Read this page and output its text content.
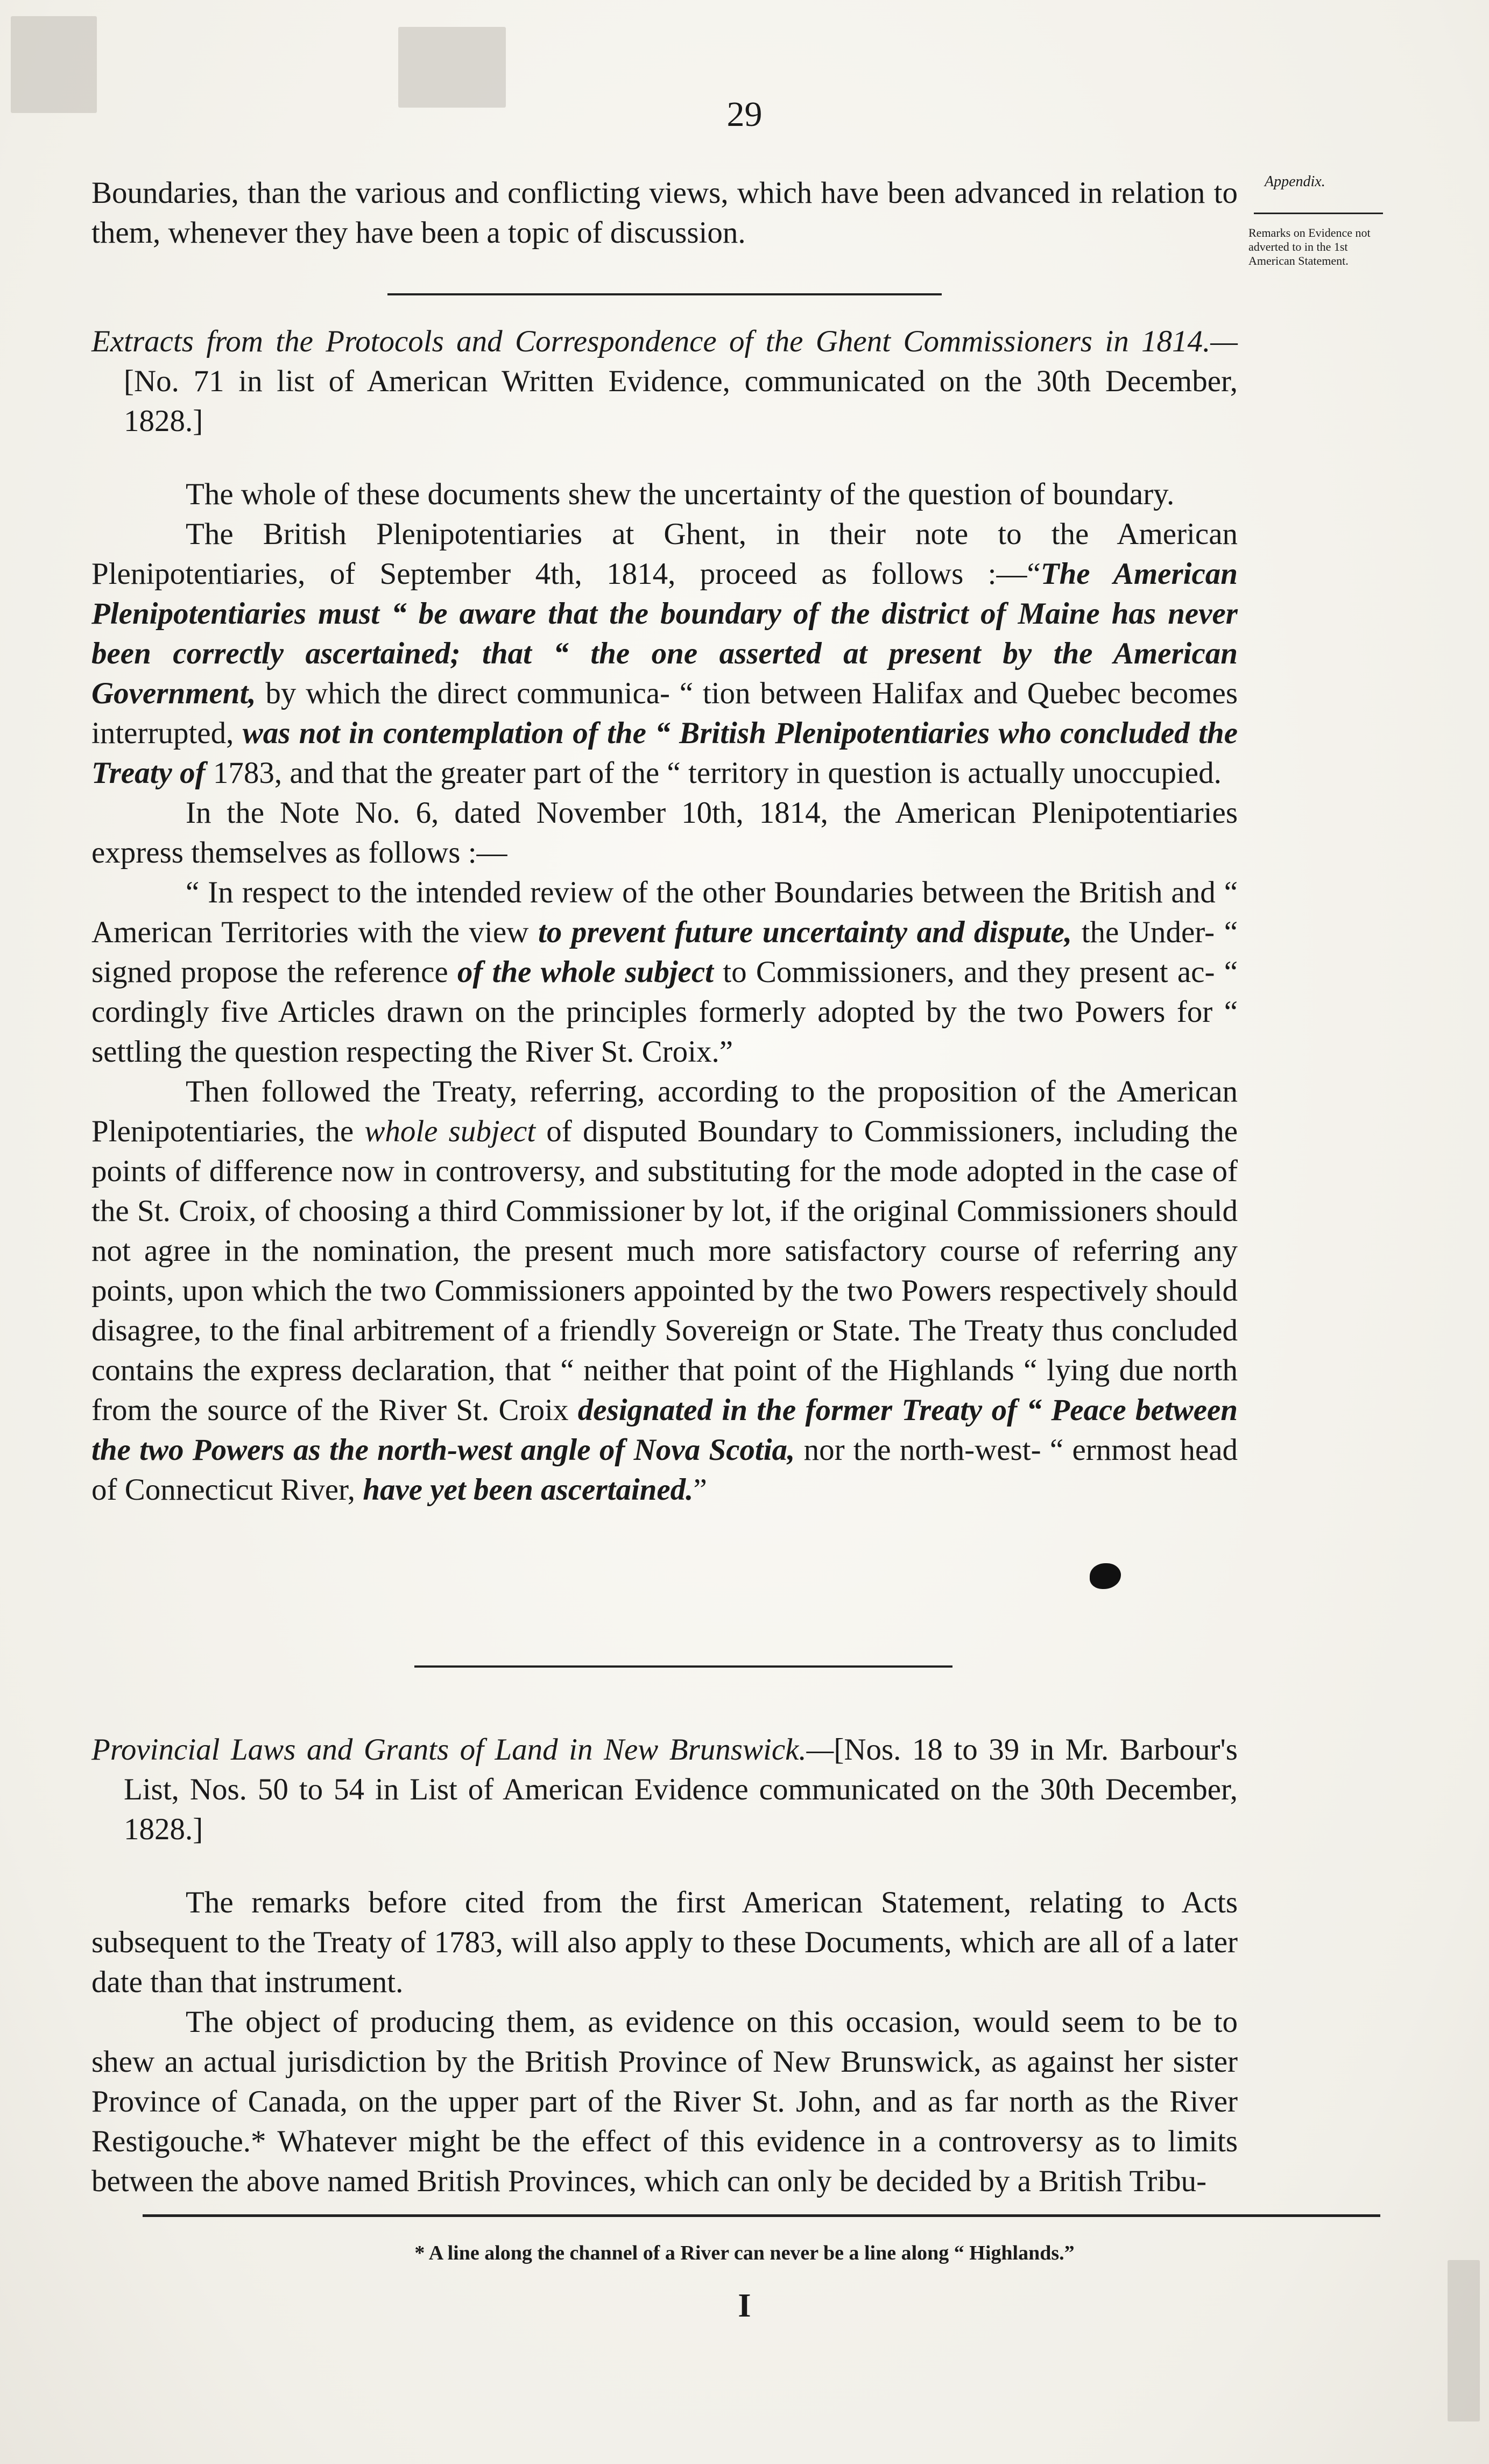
29
Appendix.
Remarks on Evidence not adverted to in the 1st American Statement.

Boundaries, than the various and conflicting views, which have been advanced in relation to them, whenever they have been a topic of discussion.

Extracts from the Protocols and Correspondence of the Ghent Commissioners in 1814.— [No. 71 in list of American Written Evidence, communicated on the 30th December, 1828.]

The whole of these documents shew the uncertainty of the question of boundary.

The British Plenipotentiaries at Ghent, in their note to the American Plenipotentiaries, of September 4th, 1814, proceed as follows :—“The American Plenipotentiaries must “ be aware that the boundary of the district of Maine has never been correctly ascertained; that “ the one asserted at present by the American Government, by which the direct communica- “ tion between Halifax and Quebec becomes interrupted, was not in contemplation of the “ British Plenipotentiaries who concluded the Treaty of 1783, and that the greater part of the “ territory in question is actually unoccupied.

In the Note No. 6, dated November 10th, 1814, the American Plenipotentiaries express themselves as follows :—

“ In respect to the intended review of the other Boundaries between the British and “ American Territories with the view to prevent future uncertainty and dispute, the Under- “ signed propose the reference of the whole subject to Commissioners, and they present ac- “ cordingly five Articles drawn on the principles formerly adopted by the two Powers for “ settling the question respecting the River St. Croix.”

Then followed the Treaty, referring, according to the proposition of the American Plenipotentiaries, the whole subject of disputed Boundary to Commissioners, including the points of difference now in controversy, and substituting for the mode adopted in the case of the St. Croix, of choosing a third Commissioner by lot, if the original Commissioners should not agree in the nomination, the present much more satisfactory course of referring any points, upon which the two Commissioners appointed by the two Powers respectively should disagree, to the final arbitrement of a friendly Sovereign or State. The Treaty thus concluded contains the express declaration, that “ neither that point of the Highlands “ lying due north from the source of the River St. Croix designated in the former Treaty of “ Peace between the two Powers as the north-west angle of Nova Scotia, nor the north-west- “ ernmost head of Connecticut River, have yet been ascertained.”

Provincial Laws and Grants of Land in New Brunswick.—[Nos. 18 to 39 in Mr. Barbour's List, Nos. 50 to 54 in List of American Evidence communicated on the 30th December, 1828.]

The remarks before cited from the first American Statement, relating to Acts subsequent to the Treaty of 1783, will also apply to these Documents, which are all of a later date than that instrument.

The object of producing them, as evidence on this occasion, would seem to be to shew an actual jurisdiction by the British Province of New Brunswick, as against her sister Province of Canada, on the upper part of the River St. John, and as far north as the River Restigouche.* Whatever might be the effect of this evidence in a controversy as to limits between the above named British Provinces, which can only be decided by a British Tribu-

* A line along the channel of a River can never be a line along “ Highlands.”
I
